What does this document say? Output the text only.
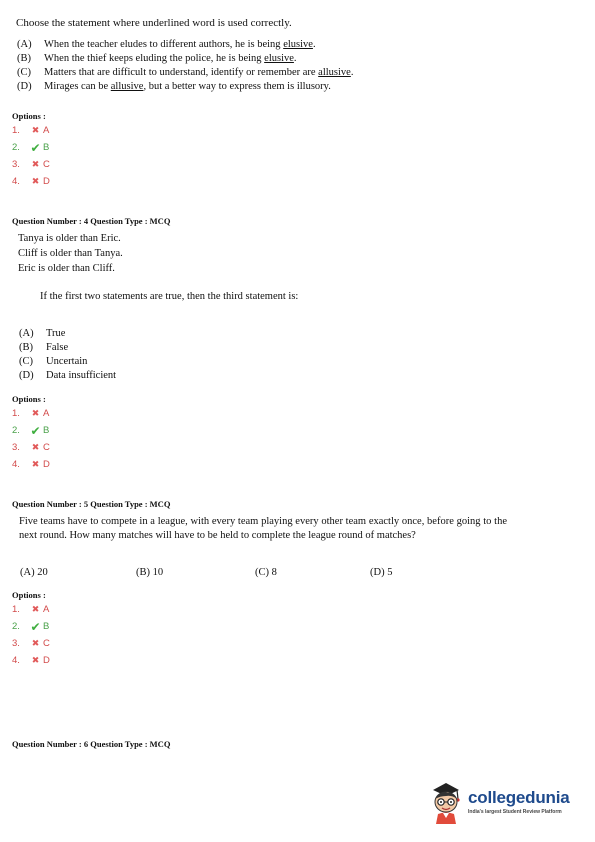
Choose the statement where underlined word is used correctly.
(A) When the teacher eludes to different authors, he is being elusive.
(B) When the thief keeps eluding the police, he is being elusive.
(C) Matters that are difficult to understand, identify or remember are allusive.
(D) Mirages can be allusive, but a better way to express them is illusory.
Options :
1.	✖ A
2. ✔ B
3.	✖ C
4.	✖ D
Question Number : 4 Question Type : MCQ
Tanya is older than Eric.
Cliff is older than Tanya.
Eric is older than Cliff.
If the first two statements are true, then the third statement is:
(A) True
(B) False
(C) Uncertain
(D) Data insufficient
Options :
1.	✖ A
2. ✔ B
3.	✖ C
4.	✖ D
Question Number : 5 Question Type : MCQ
Five teams have to compete in a league, with every team playing every other team exactly once, before going to the next round. How many matches will have to be held to complete the league round of matches?
(A) 20	(B) 10	(C) 8	(D) 5
Options :
1.	✖ A
2. ✔ B
3.	✖ C
4.	✖ D
Question Number : 6 Question Type : MCQ
collegedunia
India's largest Student Review Platform
